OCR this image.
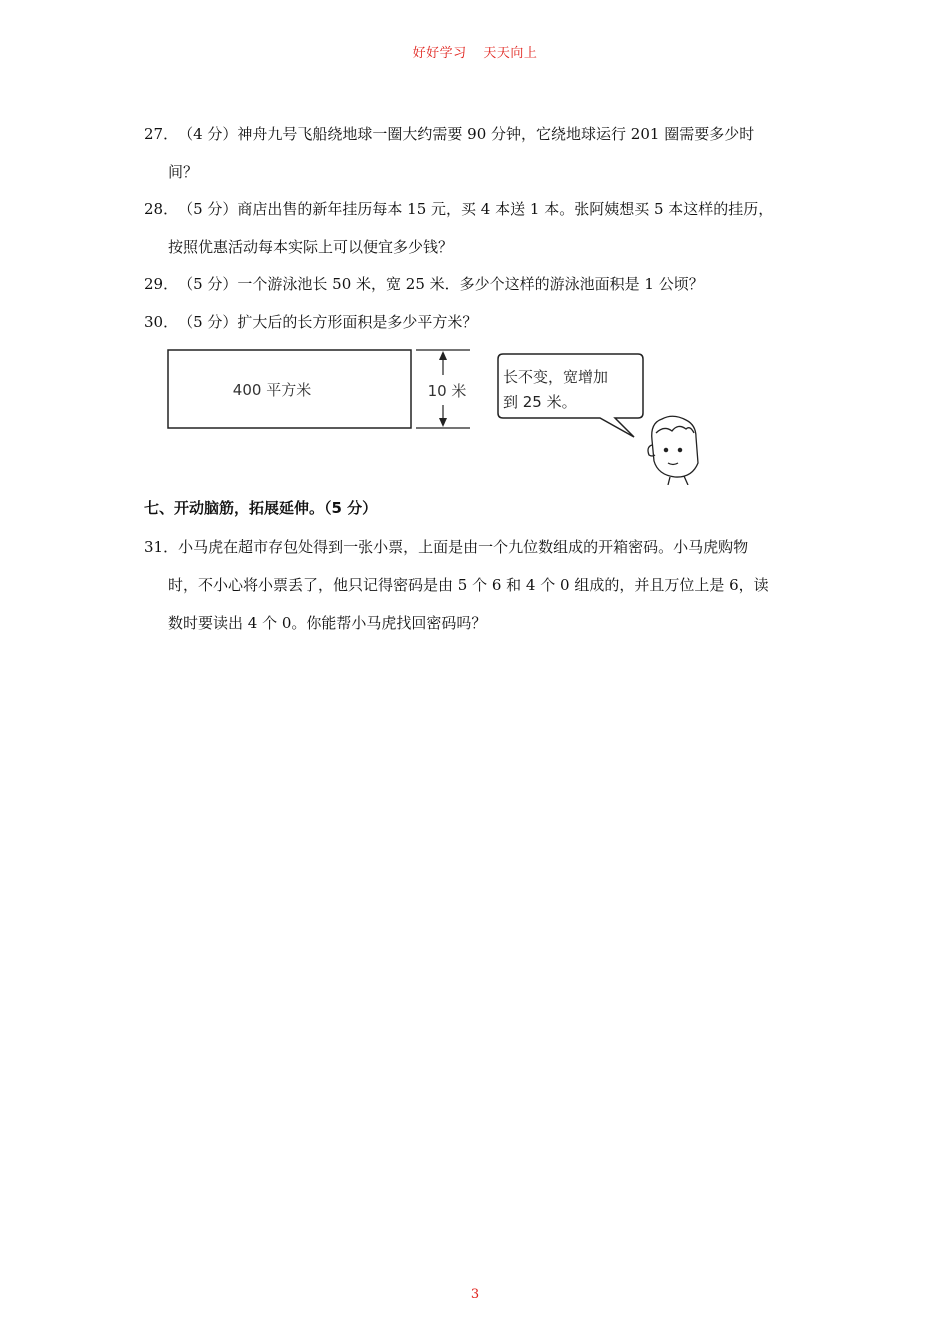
好好学习 天天向上
27．（4 分）神舟九号飞船绕地球一圈大约需要 90 分钟，它绕地球运行 201 圈需要多少时
间？
28．（5 分）商店出售的新年挂历每本 15 元，买 4 本送 1 本。张阿姨想买 5 本这样的挂历，
按照优惠活动每本实际上可以便宜多少钱？
29．（5 分）一个游泳池长 50 米，宽 25 米．多少个这样的游泳池面积是 1 公顷？
30．（5 分）扩大后的长方形面积是多少平方米？
400 平方米	10 米
长不变，宽增加
到 25 米。
七、开动脑筋，拓展延伸。（5 分）
31．小马虎在超市存包处得到一张小票，上面是由一个九位数组成的开箱密码。小马虎购物
时，不小心将小票丢了，他只记得密码是由 5 个 6 和 4 个 0 组成的，并且万位上是 6，读
数时要读出 4 个 0。你能帮小马虎找回密码吗？
3
